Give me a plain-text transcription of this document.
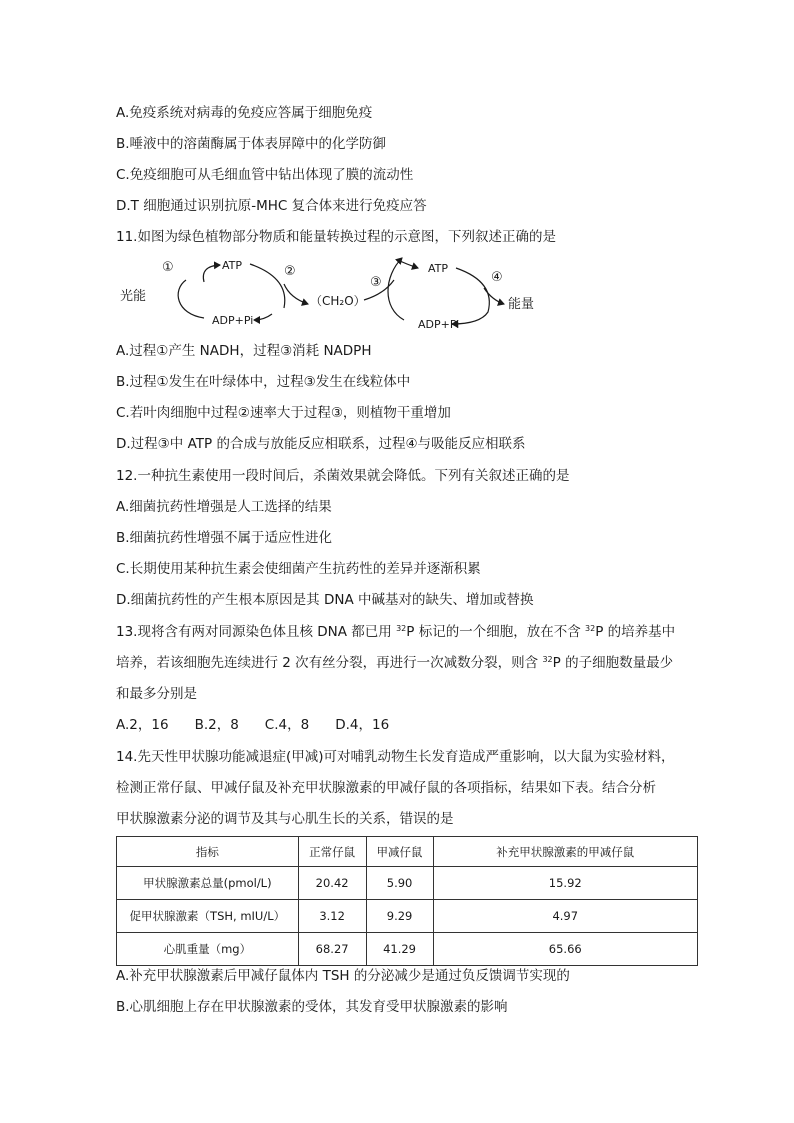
A.免疫系统对病毒的免疫应答属于细胞免疫
B.唾液中的溶菌酶属于体表屏障中的化学防御
C.免疫细胞可从毛细血管中钻出体现了膜的流动性
D.T 细胞通过识别抗原-MHC 复合体来进行免疫应答
11.如图为绿色植物部分物质和能量转换过程的示意图，下列叙述正确的是
光能
①	ATP	②
ADP+Pi
（CH₂O）
③
ATP
④
能量
ADP+Pi
A.过程①产生 NADH，过程③消耗 NADPH
B.过程①发生在叶绿体中，过程③发生在线粒体中
C.若叶肉细胞中过程②速率大于过程③，则植物干重增加
D.过程③中 ATP 的合成与放能反应相联系，过程④与吸能反应相联系
12.一种抗生素使用一段时间后，杀菌效果就会降低。下列有关叙述正确的是
A.细菌抗药性增强是人工选择的结果
B.细菌抗药性增强不属于适应性进化
C.长期使用某种抗生素会使细菌产生抗药性的差异并逐渐积累
D.细菌抗药性的产生根本原因是其 DNA 中碱基对的缺失、增加或替换
13.现将含有两对同源染色体且核 DNA 都已用 $^{32}$P 标记的一个细胞，放在不含 $^{32}$P 的培养基中
培养，若该细胞先连续进行 2 次有丝分裂，再进行一次减数分裂，则含 $^{32}$P 的子细胞数量最少
和最多分别是
A.2，16 B.2，8 C.4，8 D.4，16
14.先天性甲状腺功能减退症(甲减)可对哺乳动物生长发育造成严重影响，以大鼠为实验材料，
检测正常仔鼠、甲减仔鼠及补充甲状腺激素的甲减仔鼠的各项指标，结果如下表。结合分析
甲状腺激素分泌的调节及其与心肌生长的关系，错误的是
指标	正常仔鼠	甲减仔鼠	补充甲状腺激素的甲减仔鼠
甲状腺激素总量(pmol/L)	20.42	5.90	15.92
促甲状腺激素（TSH, mIU/L）	3.12	9.29	4.97
心肌重量（mg）	68.27	41.29	65.66
A.补充甲状腺激素后甲减仔鼠体内 TSH 的分泌减少是通过负反馈调节实现的
B.心肌细胞上存在甲状腺激素的受体，其发育受甲状腺激素的影响
